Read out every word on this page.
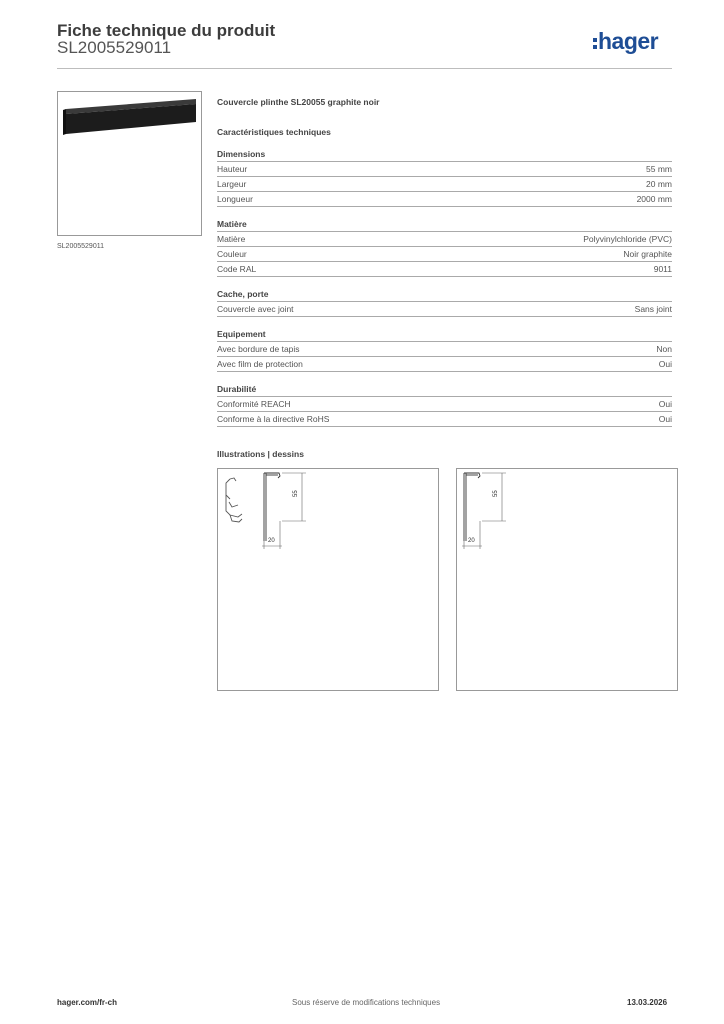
Fiche technique du produit
SL2005529011	hager
SL2005529011
Couvercle plinthe SL20055 graphite noir
Caractéristiques techniques
Dimensions
Hauteur	55 mm
Largeur	20 mm
Longueur	2000 mm
Matière
Matière	Polyvinylchloride (PVC)
Couleur	Noir graphite
Code RAL	9011
Cache, porte
Couvercle avec joint	Sans joint
Equipement
Avec bordure de tapis	Non
Avec film de protection	Oui
Durabilité
Conformité REACH	Oui
Conforme à la directive RoHS	Oui
Illustrations | dessins
55
20
55
20
hager.com/fr-ch	Sous réserve de modifications techniques	13.03.2026
